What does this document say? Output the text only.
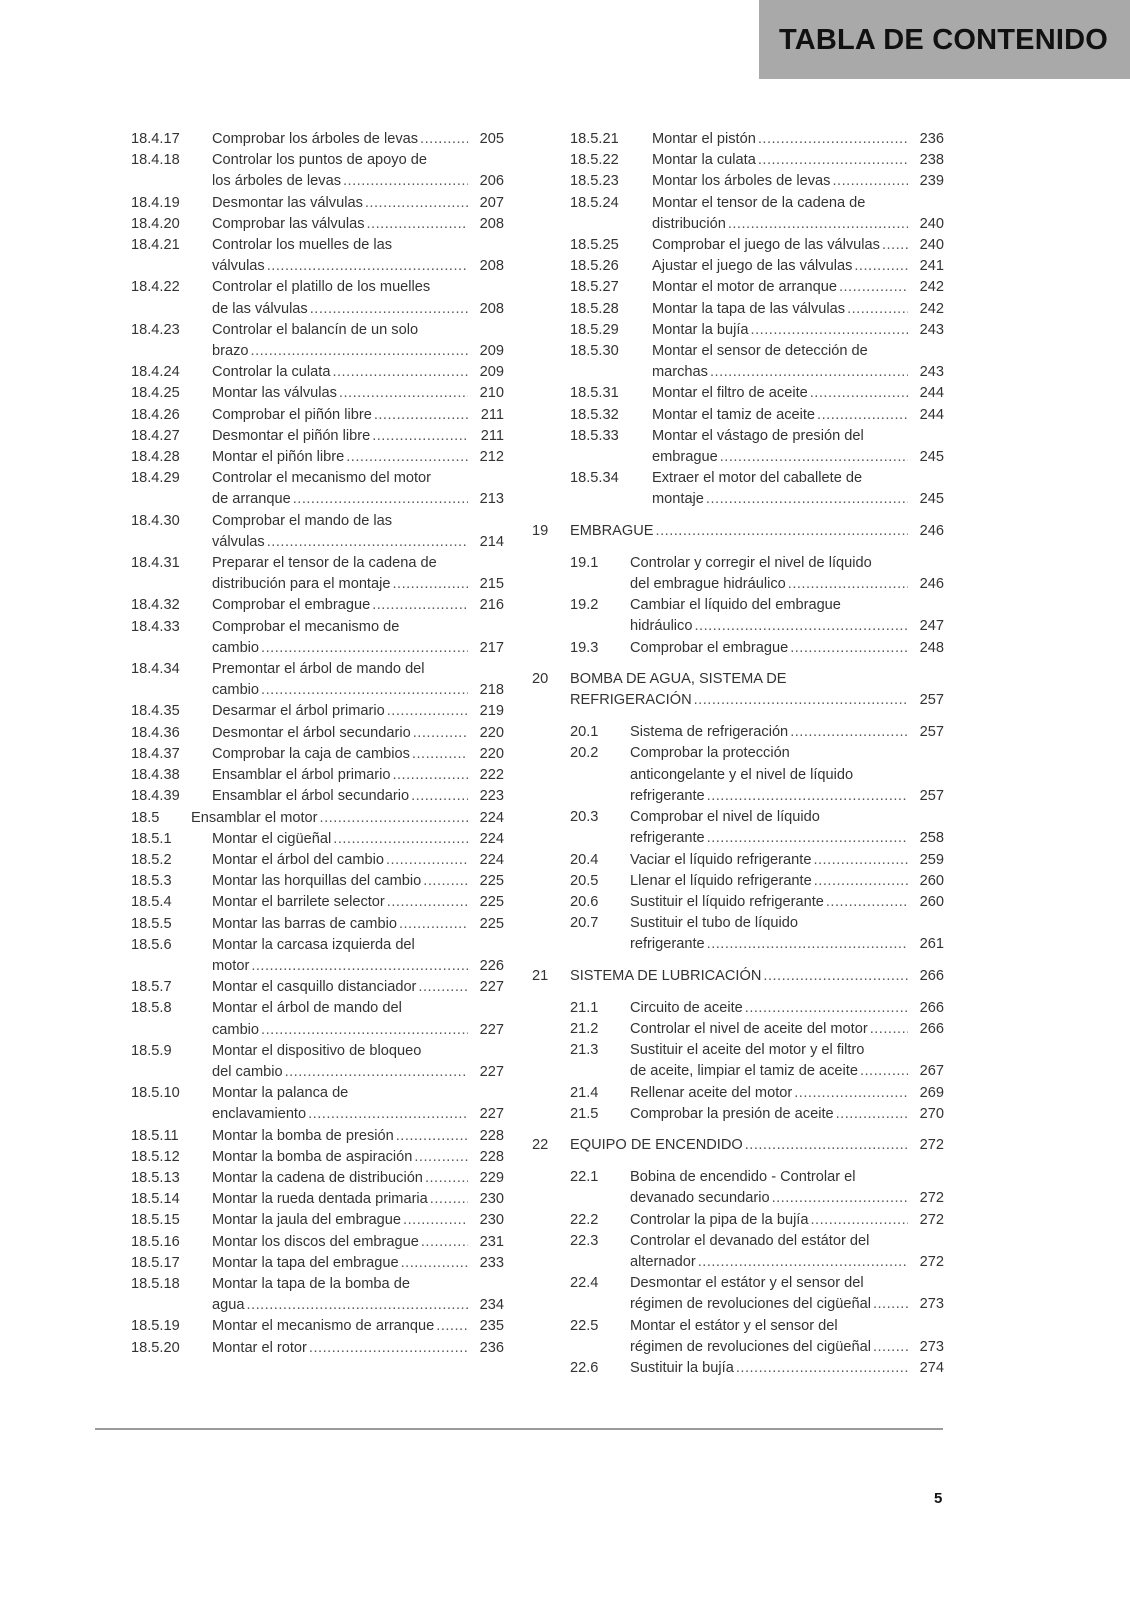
TABLA DE CONTENIDO
18.4.17 Comprobar los árboles de levas .....	205
18.4.18 Controlar los puntos de apoyo de
los árboles de levas .....	206
18.4.19 Desmontar las válvulas .....	207
18.4.20 Comprobar las válvulas .....	208
18.4.21 Controlar los muelles de las
válvulas .....	208
18.4.22 Controlar el platillo de los muelles
de las válvulas .....	208
18.4.23 Controlar el balancín de un solo
brazo .....	209
18.4.24 Controlar la culata .....	209
18.4.25 Montar las válvulas .....	210
18.4.26 Comprobar el piñón libre .....	211
18.4.27 Desmontar el piñón libre .....	211
18.4.28 Montar el piñón libre .....	212
18.4.29 Controlar el mecanismo del motor
de arranque .....	213
18.4.30 Comprobar el mando de las
válvulas .....	214
18.4.31 Preparar el tensor de la cadena de
distribución para el montaje .....	215
18.4.32 Comprobar el embrague .....	216
18.4.33 Comprobar el mecanismo de
cambio .....	217
18.4.34 Premontar el árbol de mando del
cambio .....	218
18.4.35 Desarmar el árbol primario .....	219
18.4.36 Desmontar el árbol secundario .....	220
18.4.37 Comprobar la caja de cambios .....	220
18.4.38 Ensamblar el árbol primario .....	222
18.4.39 Ensamblar el árbol secundario .....	223
18.5 Ensamblar el motor .....	224
18.5.1	Montar el cigüeñal .....	224
18.5.2	Montar el árbol del cambio .....	224
18.5.3	Montar las horquillas del cambio .....	225
18.5.4	Montar el barrilete selector .....	225
18.5.5	Montar las barras de cambio .....	225
18.5.6	Montar la carcasa izquierda del
motor .....	226
18.5.7	Montar el casquillo distanciador .....	227
18.5.8	Montar el árbol de mando del
cambio .....	227
18.5.9	Montar el dispositivo de bloqueo
del cambio .....	227
18.5.10 Montar la palanca de
enclavamiento .....	227
18.5.11 Montar la bomba de presión .....	228
18.5.12 Montar la bomba de aspiración .....	228
18.5.13 Montar la cadena de distribución .....	229
18.5.14 Montar la rueda dentada primaria .....	230
18.5.15 Montar la jaula del embrague .....	230
18.5.16 Montar los discos del embrague .....	231
18.5.17 Montar la tapa del embrague .....	233
18.5.18 Montar la tapa de la bomba de
agua .....	234
18.5.19 Montar el mecanismo de arranque .....	235
18.5.20 Montar el rotor .....	236
18.5.21 Montar el pistón .....	236
18.5.22 Montar la culata .....	238
18.5.23 Montar los árboles de levas .....	239
18.5.24 Montar el tensor de la cadena de
distribución .....	240
18.5.25 Comprobar el juego de las válvulas .....	240
18.5.26 Ajustar el juego de las válvulas .....	241
18.5.27 Montar el motor de arranque .....	242
18.5.28 Montar la tapa de las válvulas .....	242
18.5.29 Montar la bujía .....	243
18.5.30 Montar el sensor de detección de
marchas .....	243
18.5.31 Montar el filtro de aceite .....	244
18.5.32 Montar el tamiz de aceite .....	244
18.5.33 Montar el vástago de presión del
embrague .....	245
18.5.34 Extraer el motor del caballete de
montaje .....	245
19 EMBRAGUE .....	246
19.1 Controlar y corregir el nivel de líquido
del embrague hidráulico .....	246
19.2 Cambiar el líquido del embrague
hidráulico .....	247
19.3 Comprobar el embrague .....	248
20 BOMBA DE AGUA, SISTEMA DE
REFRIGERACIÓN .....	257
20.1 Sistema de refrigeración .....	257
20.2 Comprobar la protección
anticongelante y el nivel de líquido
refrigerante .....	257
20.3 Comprobar el nivel de líquido
refrigerante .....	258
20.4 Vaciar el líquido refrigerante .....	259
20.5 Llenar el líquido refrigerante .....	260
20.6 Sustituir el líquido refrigerante .....	260
20.7 Sustituir el tubo de líquido
refrigerante .....	261
21 SISTEMA DE LUBRICACIÓN .....	266
21.1 Circuito de aceite .....	266
21.2 Controlar el nivel de aceite del motor .....	266
21.3 Sustituir el aceite del motor y el filtro
de aceite, limpiar el tamiz de aceite .....	267
21.4 Rellenar aceite del motor .....	269
21.5 Comprobar la presión de aceite .....	270
22 EQUIPO DE ENCENDIDO .....	272
22.1 Bobina de encendido - Controlar el
devanado secundario .....	272
22.2 Controlar la pipa de la bujía .....	272
22.3 Controlar el devanado del estátor del
alternador .....	272
22.4 Desmontar el estátor y el sensor del
régimen de revoluciones del cigüeñal .....	273
22.5 Montar el estátor y el sensor del
régimen de revoluciones del cigüeñal .....	273
22.6 Sustituir la bujía .....	274
5
